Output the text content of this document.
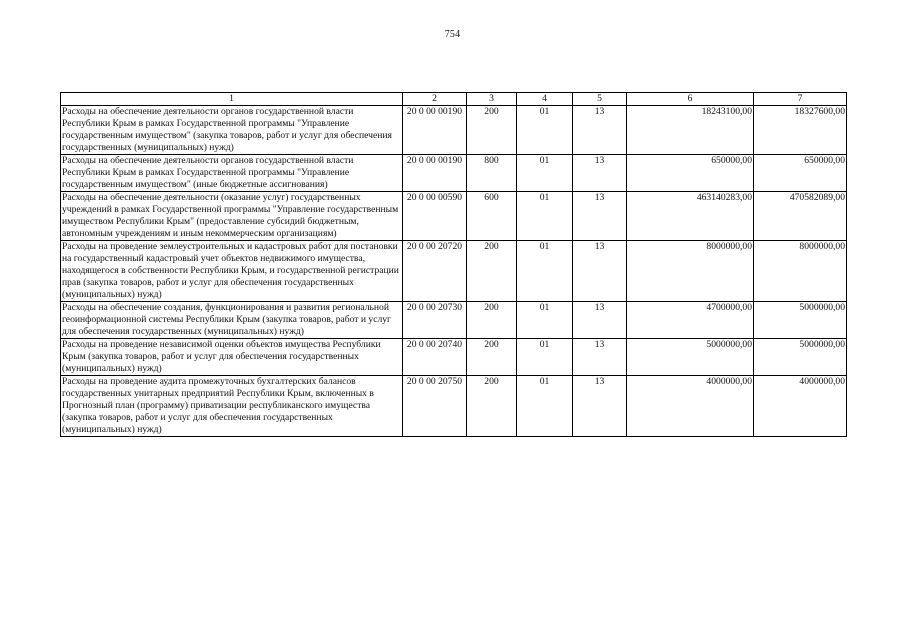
754
1	2	3	4	5	6	7
Расходы на обеспечение деятельности органов государственной власти Республики Крым в рамках Государственной программы "Управление государственным имуществом" (закупка товаров, работ и услуг для обеспечения государственных (муниципальных) нужд)	20 0 00 00190	200	01	13	18243100,00	18327600,00
Расходы на обеспечение деятельности органов государственной власти Республики Крым в рамках Государственной программы "Управление государственным имуществом" (иные бюджетные ассигнования)	20 0 00 00190	800	01	13	650000,00	650000,00
Расходы на обеспечение деятельности (оказание услуг) государственных учреждений в рамках Государственной программы "Управление государственным имуществом Республики Крым" (предоставление субсидий бюджетным, автономным учреждениям и иным некоммерческим организациям)	20 0 00 00590	600	01	13	463140283,00	470582089,00
Расходы на проведение землеустроительных и кадастровых работ для постановки на государственный кадастровый учет объектов недвижимого имущества, находящегося в собственности Республики Крым, и государственной регистрации прав (закупка товаров, работ и услуг для обеспечения государственных (муниципальных) нужд)	20 0 00 20720	200	01	13	8000000,00	8000000,00
Расходы на обеспечение создания, функционирования и развития региональной геоинформационной системы Республики Крым (закупка товаров, работ и услуг для обеспечения государственных (муниципальных) нужд)	20 0 00 20730	200	01	13	4700000,00	5000000,00
Расходы на проведение независимой оценки объектов имущества Республики Крым (закупка товаров, работ и услуг для обеспечения государственных (муниципальных) нужд)	20 0 00 20740	200	01	13	5000000,00	5000000,00
Расходы на проведение аудита промежуточных бухгалтерских балансов государственных унитарных предприятий Республики Крым, включенных в Прогнозный план (программу) приватизации республиканского имущества (закупка товаров, работ и услуг для обеспечения государственных (муниципальных) нужд)	20 0 00 20750	200	01	13	4000000,00	4000000,00
